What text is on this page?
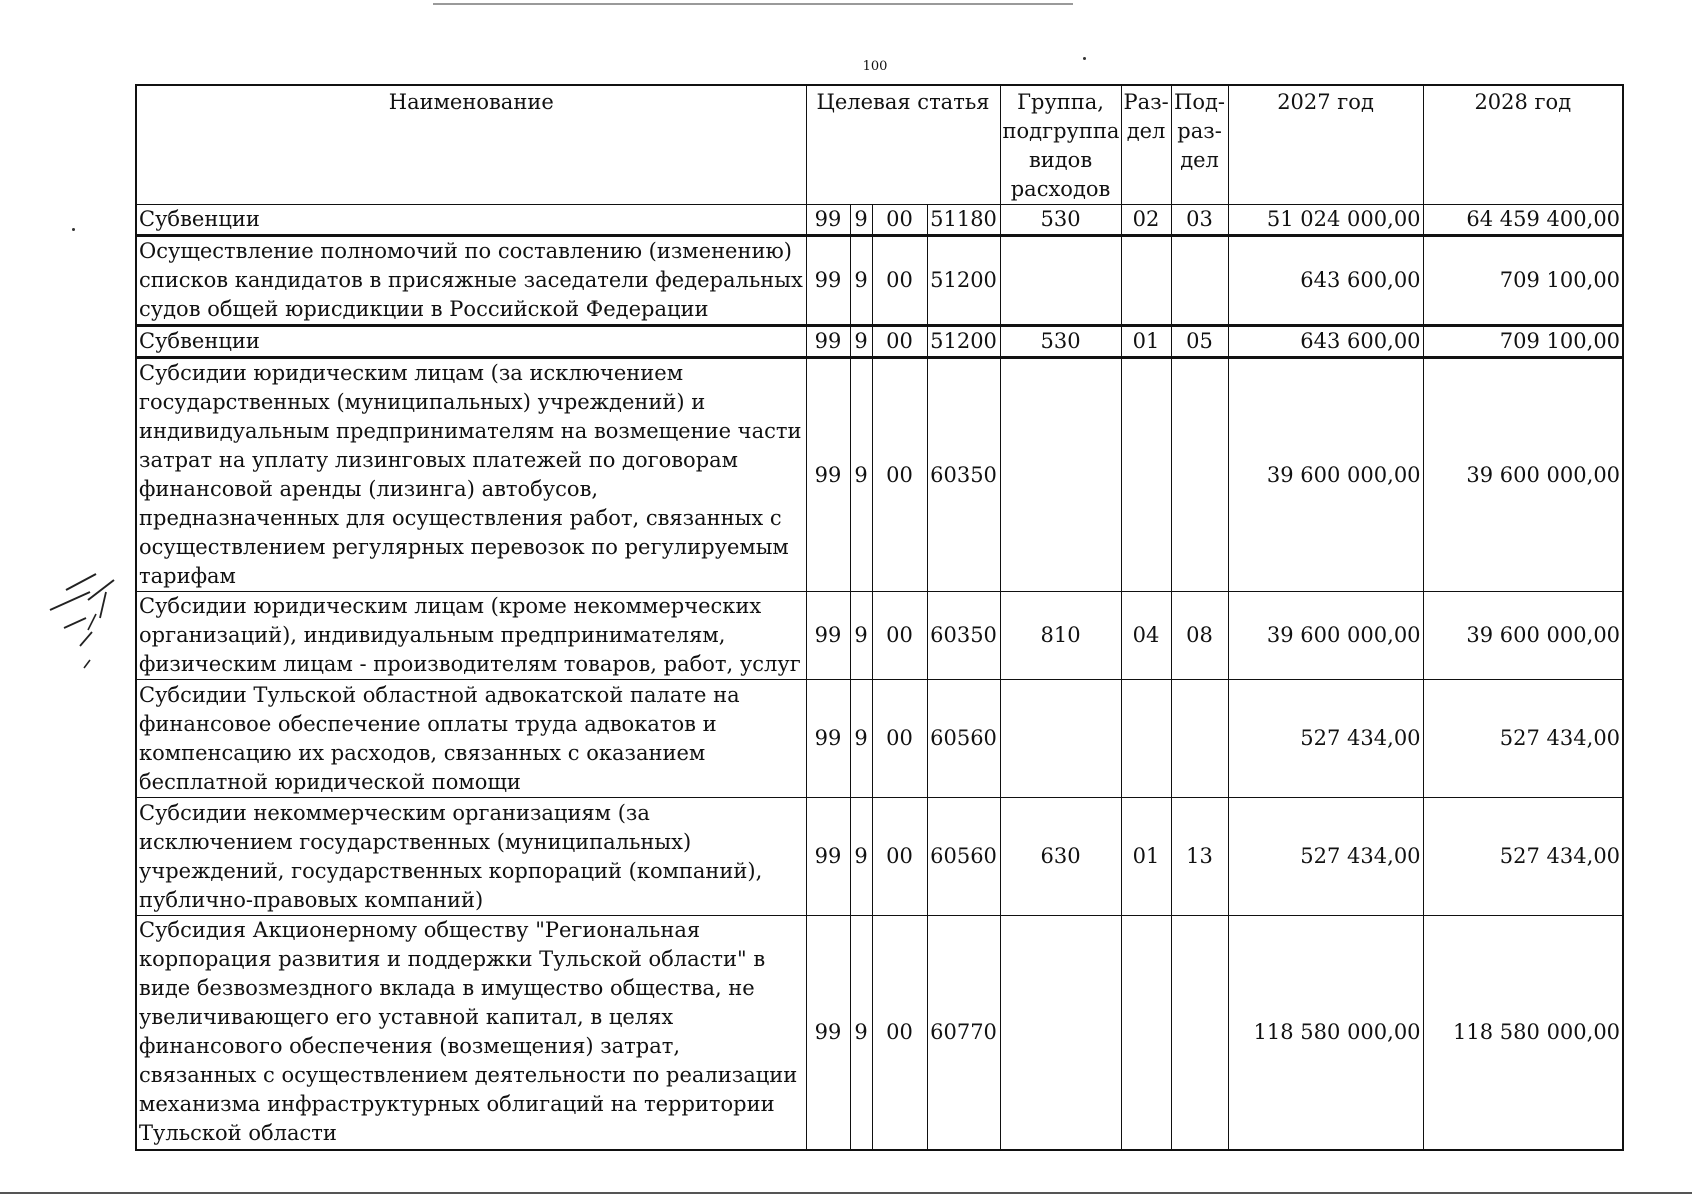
100
Наименование	Целевая статья				Группа, подгруппа видов расходов	Раз- дел	Под- раз- дел	2027 год	2028 год
Субвенции	99	9	00	51180	530	02	03	51 024 000,00	64 459 400,00
Осуществление полномочий по составлению (изменению) списков кандидатов в присяжные заседатели федеральных судов общей юрисдикции в Российской Федерации	99	9	00	51200				643 600,00	709 100,00
Субвенции	99	9	00	51200	530	01	05	643 600,00	709 100,00
Субсидии юридическим лицам (за исключением государственных (муниципальных) учреждений) и индивидуальным предпринимателям на возмещение части затрат на уплату лизинговых платежей по договорам финансовой аренды (лизинга) автобусов, предназначенных для осуществления работ, связанных с осуществлением регулярных перевозок по регулируемым тарифам	99	9	00	60350				39 600 000,00	39 600 000,00
Субсидии юридическим лицам (кроме некоммерческих организаций), индивидуальным предпринимателям, физическим лицам - производителям товаров, работ, услуг	99	9	00	60350	810	04	08	39 600 000,00	39 600 000,00
Субсидии Тульской областной адвокатской палате на финансовое обеспечение оплаты труда адвокатов и компенсацию их расходов, связанных с оказанием бесплатной юридической помощи	99	9	00	60560				527 434,00	527 434,00
Субсидии некоммерческим организациям (за исключением государственных (муниципальных) учреждений, государственных корпораций (компаний), публично-правовых компаний)	99	9	00	60560	630	01	13	527 434,00	527 434,00
Субсидия Акционерному обществу "Региональная корпорация развития и поддержки Тульской области" в виде безвозмездного вклада в имущество общества, не увеличивающего его уставной капитал, в целях финансового обеспечения (возмещения) затрат, связанных с осуществлением деятельности по реализации механизма инфраструктурных облигаций на территории Тульской области	99	9	00	60770				118 580 000,00	118 580 000,00
